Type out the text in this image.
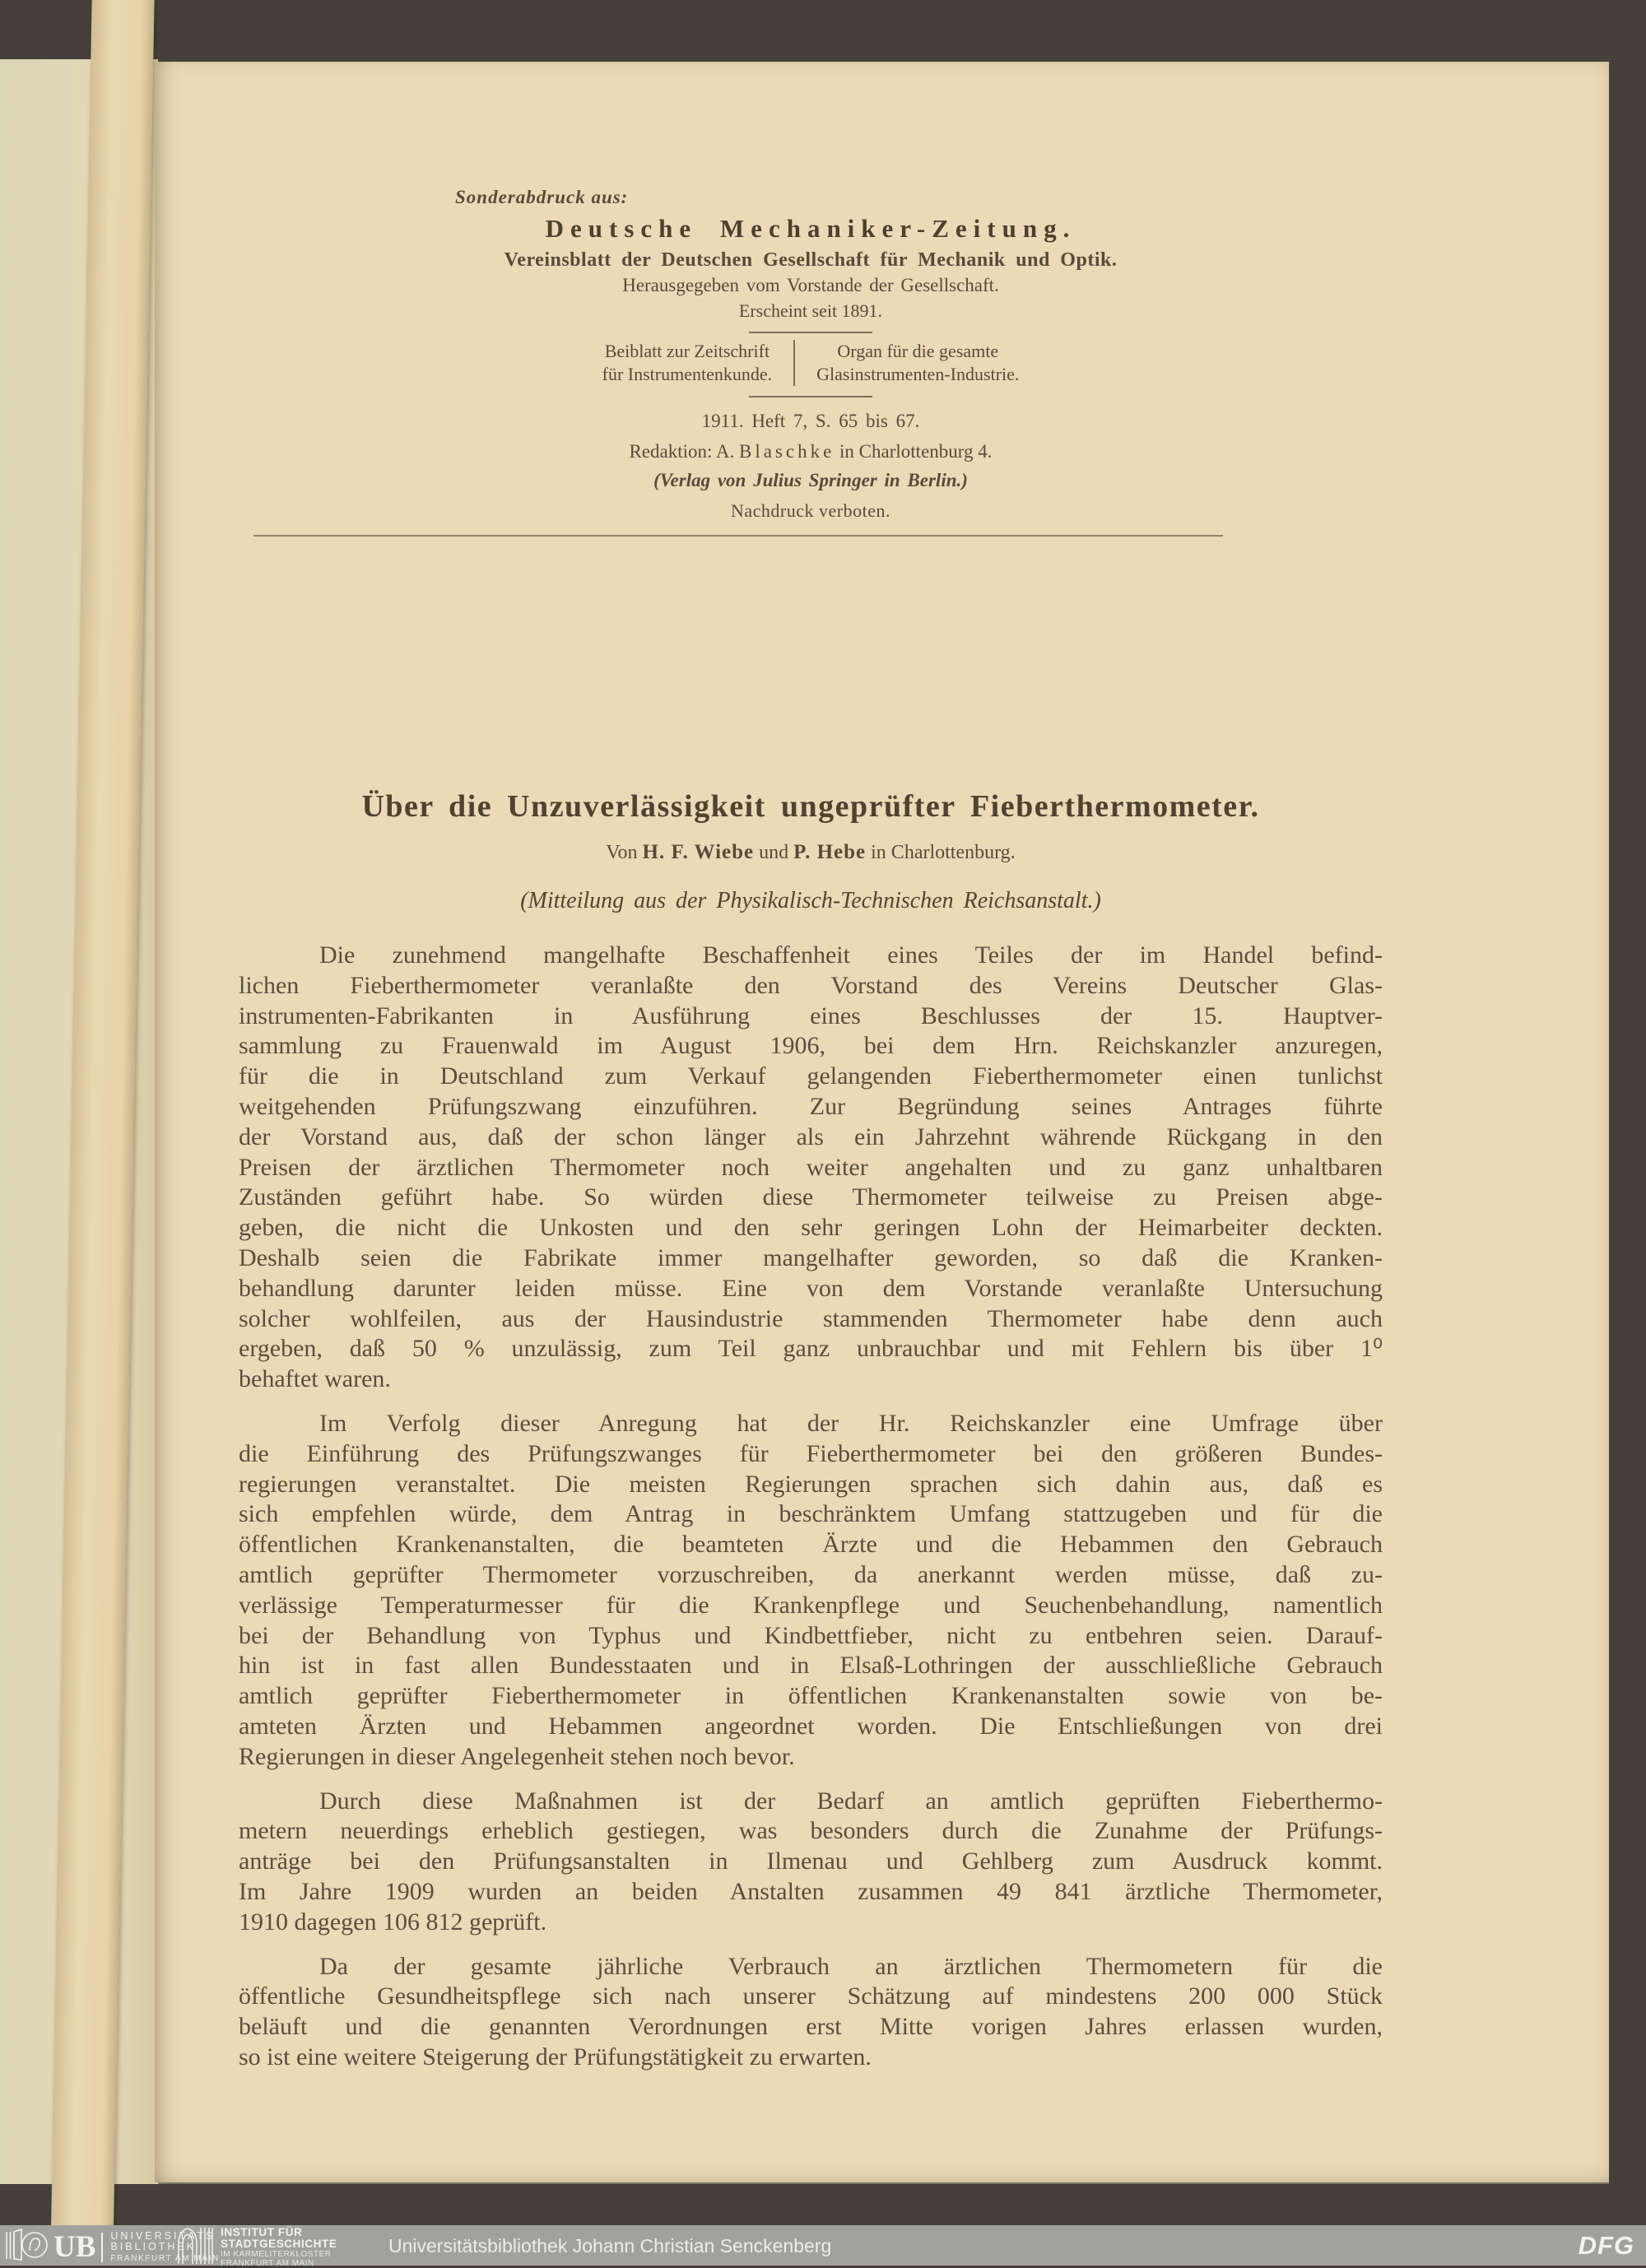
Sonderabdruck aus:
Deutsche Mechaniker-Zeitung.
Vereinsblatt der Deutschen Gesellschaft für Mechanik und Optik.
Herausgegeben vom Vorstande der Gesellschaft.
Erscheint seit 1891.
Beiblatt zur Zeitschrift
für Instrumentenkunde.
Organ für die gesamte
Glasinstrumenten-Industrie.
1911. Heft 7, S. 65 bis 67.
Redaktion: A. Blaschke in Charlottenburg 4.
(Verlag von Julius Springer in Berlin.)
Nachdruck verboten.
Über die Unzuverlässigkeit ungeprüfter Fieberthermometer.
Von H. F. Wiebe und P. Hebe in Charlottenburg.
(Mitteilung aus der Physikalisch-Technischen Reichsanstalt.)
Die zunehmend mangelhafte Beschaffenheit eines Teiles der im Handel befind-
lichen Fieberthermometer veranlaßte den Vorstand des Vereins Deutscher Glas-
instrumenten-Fabrikanten in Ausführung eines Beschlusses der 15. Hauptver-
sammlung zu Frauenwald im August 1906, bei dem Hrn. Reichskanzler anzuregen,
für die in Deutschland zum Verkauf gelangenden Fieberthermometer einen tunlichst
weitgehenden Prüfungszwang einzuführen. Zur Begründung seines Antrages führte
der Vorstand aus, daß der schon länger als ein Jahrzehnt währende Rückgang in den
Preisen der ärztlichen Thermometer noch weiter angehalten und zu ganz unhaltbaren
Zuständen geführt habe. So würden diese Thermometer teilweise zu Preisen abge-
geben, die nicht die Unkosten und den sehr geringen Lohn der Heimarbeiter deckten.
Deshalb seien die Fabrikate immer mangelhafter geworden, so daß die Kranken-
behandlung darunter leiden müsse. Eine von dem Vorstande veranlaßte Untersuchung
solcher wohlfeilen, aus der Hausindustrie stammenden Thermometer habe denn auch
ergeben, daß 50 % unzulässig, zum Teil ganz unbrauchbar und mit Fehlern bis über 1⁰
behaftet waren.
Im Verfolg dieser Anregung hat der Hr. Reichskanzler eine Umfrage über
die Einführung des Prüfungszwanges für Fieberthermometer bei den größeren Bundes-
regierungen veranstaltet. Die meisten Regierungen sprachen sich dahin aus, daß es
sich empfehlen würde, dem Antrag in beschränktem Umfang stattzugeben und für die
öffentlichen Krankenanstalten, die beamteten Ärzte und die Hebammen den Gebrauch
amtlich geprüfter Thermometer vorzuschreiben, da anerkannt werden müsse, daß zu-
verlässige Temperaturmesser für die Krankenpflege und Seuchenbehandlung, namentlich
bei der Behandlung von Typhus und Kindbettfieber, nicht zu entbehren seien. Darauf-
hin ist in fast allen Bundesstaaten und in Elsaß-Lothringen der ausschließliche Gebrauch
amtlich geprüfter Fieberthermometer in öffentlichen Krankenanstalten sowie von be-
amteten Ärzten und Hebammen angeordnet worden. Die Entschließungen von drei
Regierungen in dieser Angelegenheit stehen noch bevor.
Durch diese Maßnahmen ist der Bedarf an amtlich geprüften Fieberthermo-
metern neuerdings erheblich gestiegen, was besonders durch die Zunahme der Prüfungs-
anträge bei den Prüfungsanstalten in Ilmenau und Gehlberg zum Ausdruck kommt.
Im Jahre 1909 wurden an beiden Anstalten zusammen 49 841 ärztliche Thermometer,
1910 dagegen 106 812 geprüft.
Da der gesamte jährliche Verbrauch an ärztlichen Thermometern für die
öffentliche Gesundheitspflege sich nach unserer Schätzung auf mindestens 200 000 Stück
beläuft und die genannten Verordnungen erst Mitte vorigen Jahres erlassen wurden,
so ist eine weitere Steigerung der Prüfungstätigkeit zu erwarten.
UB UNIVERSITÄTS
BIBLIOTHEK
FRANKFURT AM MAIN
INSTITUT FÜR
STADTGESCHICHTE
IM KARMELITERKLOSTER
FRANKFURT AM MAIN
Universitätsbibliothek Johann Christian Senckenberg	DFG
